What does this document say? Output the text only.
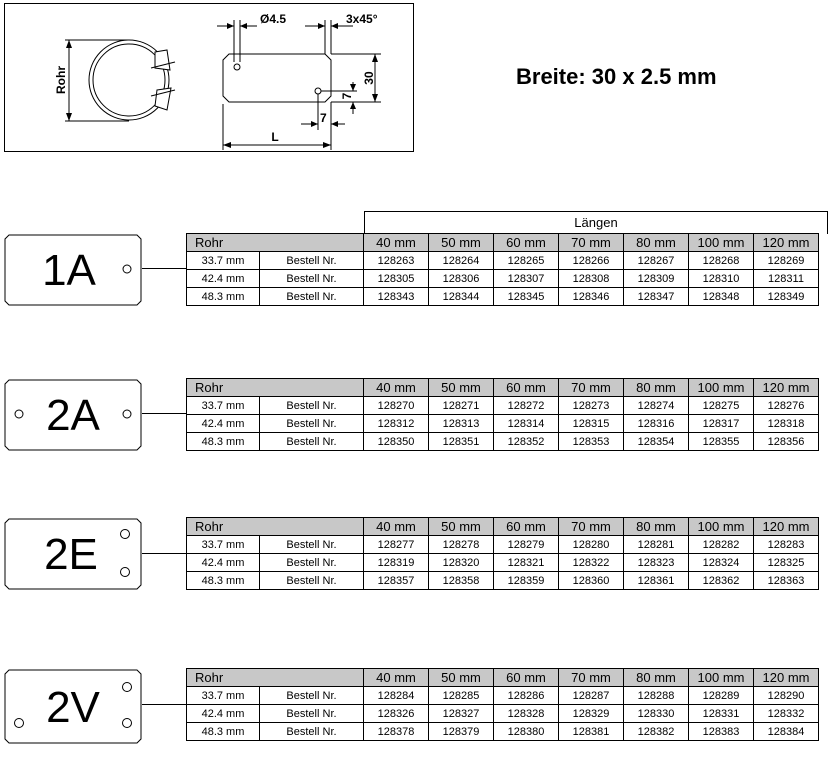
Rohr
Ø4.5	3x45°
30
7
7
L
Breite: 30 x 2.5 mm
Längen
1A
2A
2E
2V
Rohr		40 mm	50 mm	60 mm	70 mm	80 mm	100 mm	120 mm
33.7 mm	Bestell Nr.	128263	128264	128265	128266	128267	128268	128269
42.4 mm	Bestell Nr.	128305	128306	128307	128308	128309	128310	128311
48.3 mm	Bestell Nr.	128343	128344	128345	128346	128347	128348	128349
Rohr		40 mm	50 mm	60 mm	70 mm	80 mm	100 mm	120 mm
33.7 mm	Bestell Nr.	128270	128271	128272	128273	128274	128275	128276
42.4 mm	Bestell Nr.	128312	128313	128314	128315	128316	128317	128318
48.3 mm	Bestell Nr.	128350	128351	128352	128353	128354	128355	128356
Rohr		40 mm	50 mm	60 mm	70 mm	80 mm	100 mm	120 mm
33.7 mm	Bestell Nr.	128277	128278	128279	128280	128281	128282	128283
42.4 mm	Bestell Nr.	128319	128320	128321	128322	128323	128324	128325
48.3 mm	Bestell Nr.	128357	128358	128359	128360	128361	128362	128363
Rohr		40 mm	50 mm	60 mm	70 mm	80 mm	100 mm	120 mm
33.7 mm	Bestell Nr.	128284	128285	128286	128287	128288	128289	128290
42.4 mm	Bestell Nr.	128326	128327	128328	128329	128330	128331	128332
48.3 mm	Bestell Nr.	128378	128379	128380	128381	128382	128383	128384
